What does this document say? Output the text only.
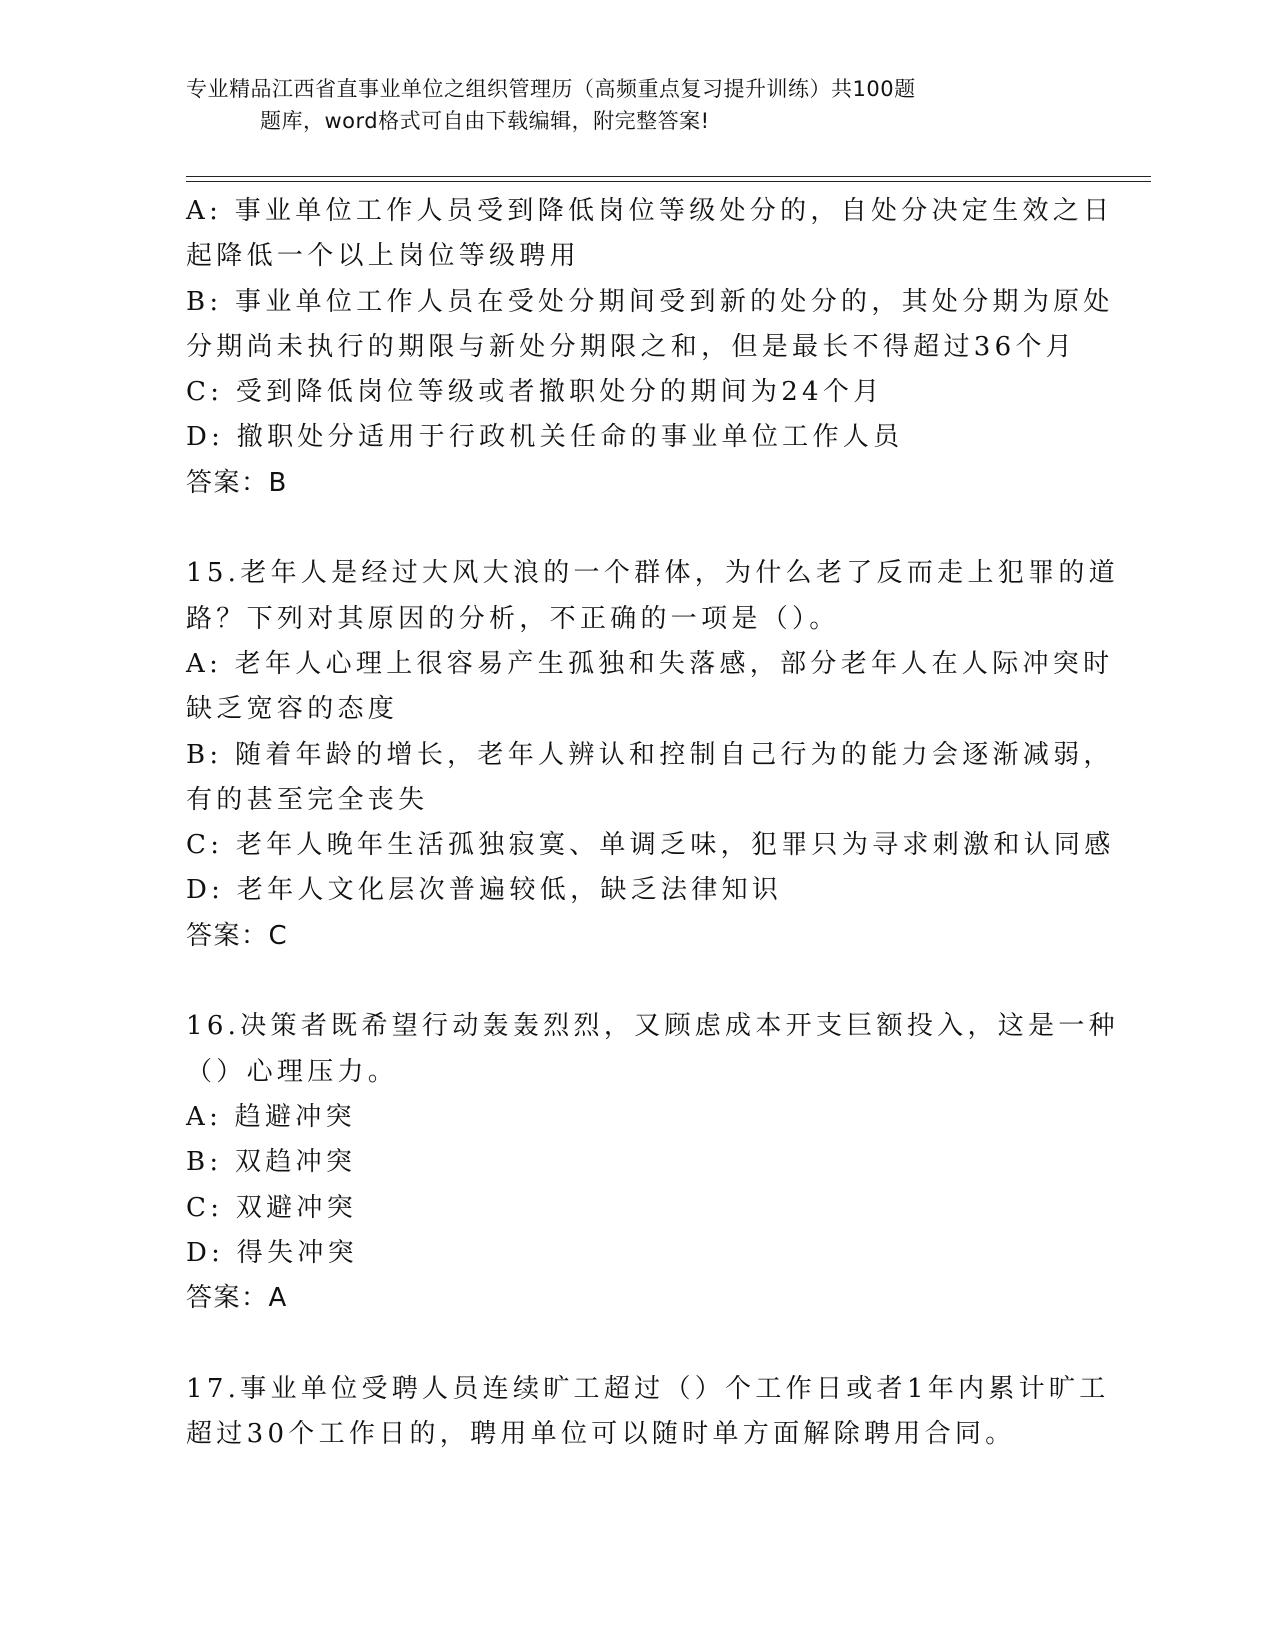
专业精品江西省直事业单位之组织管理历（高频重点复习提升训练）共100题
题库，word格式可自由下载编辑，附完整答案!
A: 事业单位工作人员受到降低岗位等级处分的，自处分决定生效之日
起降低一个以上岗位等级聘用
B: 事业单位工作人员在受处分期间受到新的处分的，其处分期为原处
分期尚未执行的期限与新处分期限之和，但是最长不得超过36个月
C: 受到降低岗位等级或者撤职处分的期间为24个月
D: 撤职处分适用于行政机关任命的事业单位工作人员
答案：B
15.老年人是经过大风大浪的一个群体，为什么老了反而走上犯罪的道
路？下列对其原因的分析，不正确的一项是（）。
A: 老年人心理上很容易产生孤独和失落感，部分老年人在人际冲突时
缺乏宽容的态度
B: 随着年龄的增长，老年人辨认和控制自己行为的能力会逐渐减弱，
有的甚至完全丧失
C: 老年人晚年生活孤独寂寞、单调乏味，犯罪只为寻求刺激和认同感
D: 老年人文化层次普遍较低，缺乏法律知识
答案：C
16.决策者既希望行动轰轰烈烈，又顾虑成本开支巨额投入，这是一种
（）心理压力。
A: 趋避冲突
B: 双趋冲突
C: 双避冲突
D: 得失冲突
答案：A
17.事业单位受聘人员连续旷工超过（）个工作日或者1年内累计旷工
超过30个工作日的，聘用单位可以随时单方面解除聘用合同。
